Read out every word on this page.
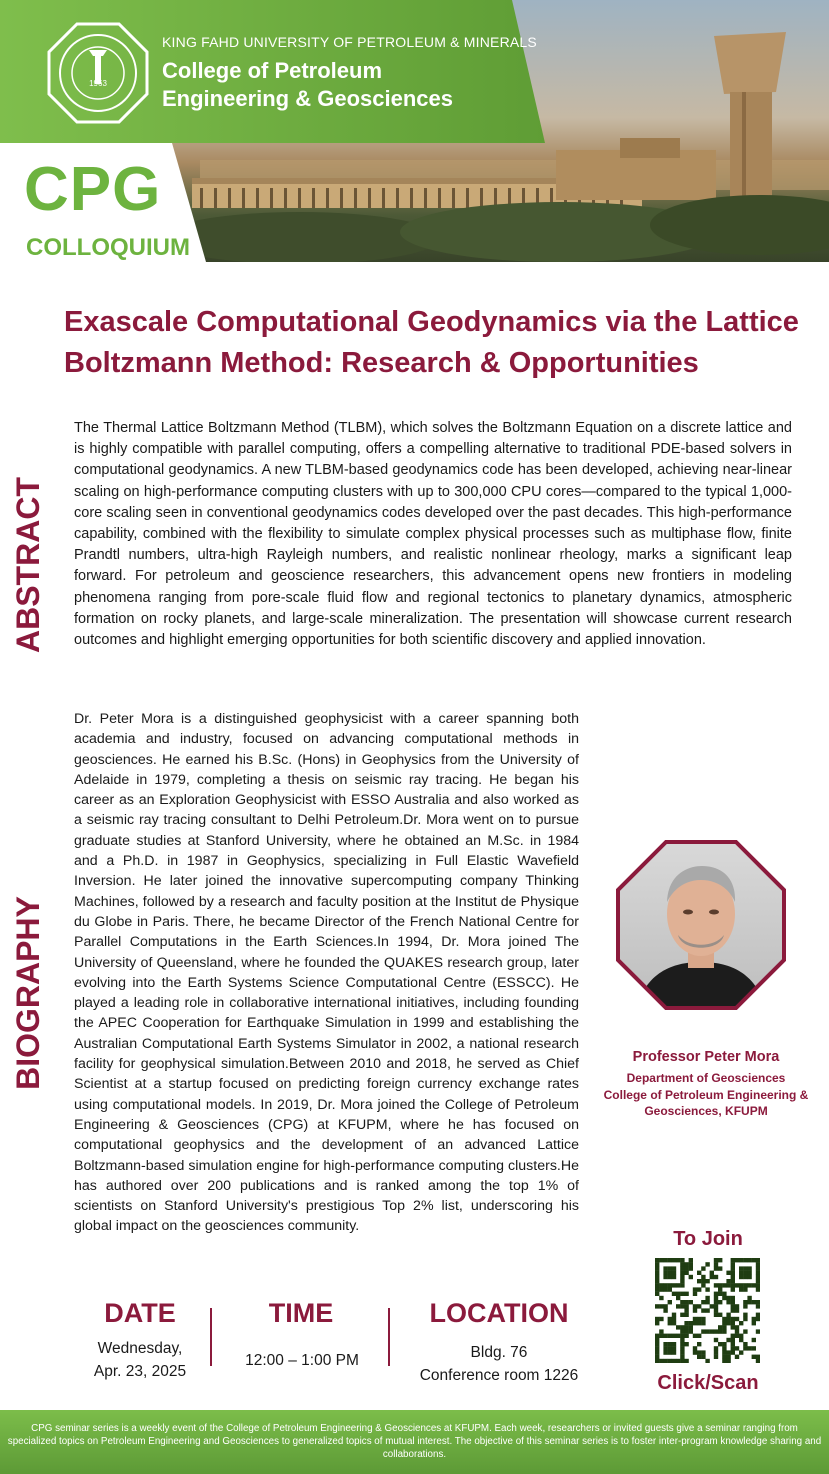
1963
KING FAHD UNIVERSITY OF PETROLEUM & MINERALS
College of Petroleum
Engineering & Geosciences
CPG
COLLOQUIUM
Exascale Computational Geodynamics via the Lattice Boltzmann Method: Research & Opportunities
ABSTRACT
The Thermal Lattice Boltzmann Method (TLBM), which solves the Boltzmann Equation on a discrete lattice and is highly compatible with parallel computing, offers a compelling alternative to traditional PDE-based solvers in computational geodynamics. A new TLBM-based geodynamics code has been developed, achieving near-linear scaling on high-performance computing clusters with up to 300,000 CPU cores—compared to the typical 1,000-core scaling seen in conventional geodynamics codes developed over the past decades. This high-performance capability, combined with the flexibility to simulate complex physical processes such as multiphase flow, finite Prandtl numbers, ultra-high Rayleigh numbers, and realistic nonlinear rheology, marks a significant leap forward. For petroleum and geoscience researchers, this advancement opens new frontiers in modeling phenomena ranging from pore-scale fluid flow and regional tectonics to planetary dynamics, atmospheric formation on rocky planets, and large-scale mineralization. The presentation will showcase current research outcomes and highlight emerging opportunities for both scientific discovery and applied innovation.
BIOGRAPHY
Dr. Peter Mora is a distinguished geophysicist with a career spanning both academia and industry, focused on advancing computational methods in geosciences. He earned his B.Sc. (Hons) in Geophysics from the University of Adelaide in 1979, completing a thesis on seismic ray tracing. He began his career as an Exploration Geophysicist with ESSO Australia and also worked as a seismic ray tracing consultant to Delhi Petroleum.Dr. Mora went on to pursue graduate studies at Stanford University, where he obtained an M.Sc. in 1984 and a Ph.D. in 1987 in Geophysics, specializing in Full Elastic Wavefield Inversion. He later joined the innovative supercomputing company Thinking Machines, followed by a research and faculty position at the Institut de Physique du Globe in Paris. There, he became Director of the French National Centre for Parallel Computations in the Earth Sciences.In 1994, Dr. Mora joined The University of Queensland, where he founded the QUAKES research group, later evolving into the Earth Systems Science Computational Centre (ESSCC). He played a leading role in collaborative international initiatives, including founding the APEC Cooperation for Earthquake Simulation in 1999 and establishing the Australian Computational Earth Systems Simulator in 2002, a national research facility for geophysical simulation.Between 2010 and 2018, he served as Chief Scientist at a startup focused on predicting foreign currency exchange rates using computational models. In 2019, Dr. Mora joined the College of Petroleum Engineering & Geosciences (CPG) at KFUPM, where he has focused on computational geophysics and the development of an advanced Lattice Boltzmann-based simulation engine for high-performance computing clusters.He has authored over 200 publications and is ranked among the top 1% of scientists on Stanford University's prestigious Top 2% list, underscoring his global impact on the geosciences community.
Professor Peter Mora
Department of Geosciences
College of Petroleum Engineering &
Geosciences, KFUPM
DATE
Wednesday,
Apr. 23, 2025
TIME
12:00 – 1:00 PM
LOCATION
Bldg. 76
Conference room 1226
To Join
Click/Scan
CPG seminar series is a weekly event of the College of Petroleum Engineering & Geosciences at KFUPM. Each week, researchers or invited guests give a seminar ranging from specialized topics on Petroleum Engineering and Geosciences to generalized topics of mutual interest. The objective of this seminar series is to foster inter-program knowledge sharing and collaborations.
